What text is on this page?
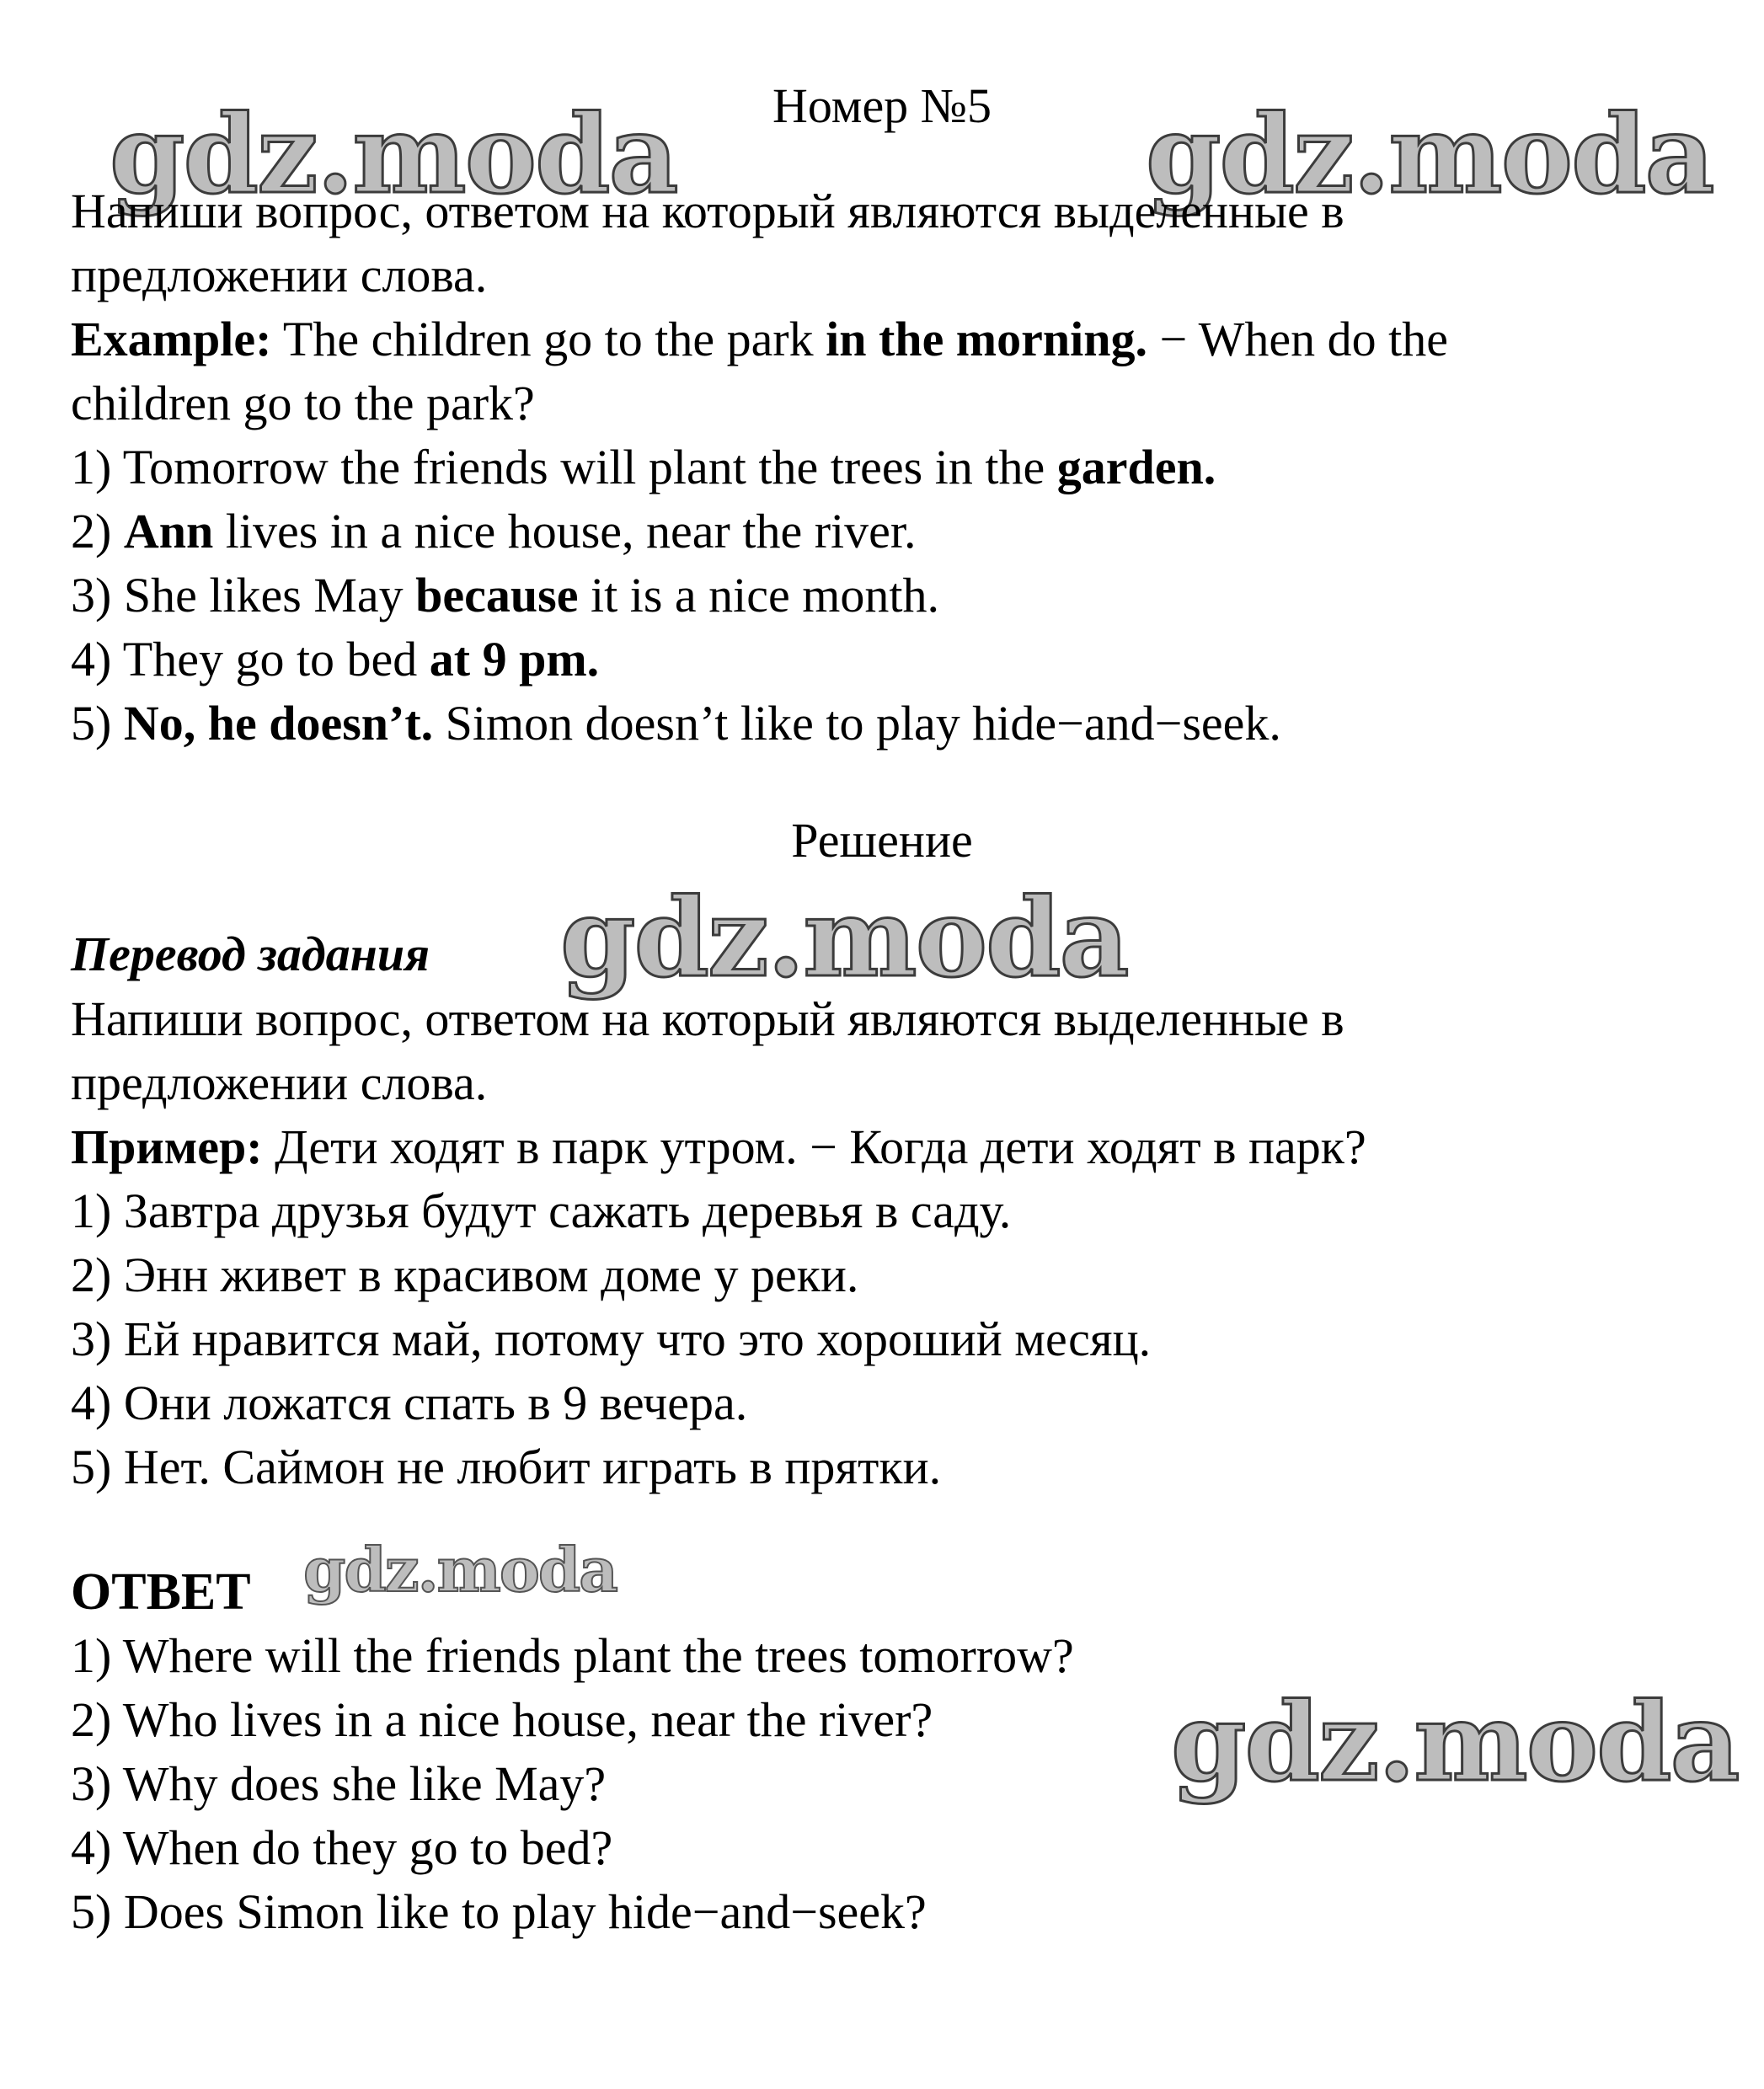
gdz.moda	gdz.moda
gdz.moda
gdz.moda
gdz.moda
Номер №5
Напиши вопрос, ответом на который являются выделенные в
предложении слова.
Example: The children go to the park in the morning. − When do the
children go to the park?
1) Tomorrow the friends will plant the trees in the garden.
2) Ann lives in a nice house, near the river.
3) She likes May because it is a nice month.
4) They go to bed at 9 pm.
5) No, he doesn’t. Simon doesn’t like to play hide−and−seek.
Решение
Перевод задания
Напиши вопрос, ответом на который являются выделенные в
предложении слова.
Пример: Дети ходят в парк утром. − Когда дети ходят в парк?
1) Завтра друзья будут сажать деревья в саду.
2) Энн живет в красивом доме у реки.
3) Ей нравится май, потому что это хороший месяц.
4) Они ложатся спать в 9 вечера.
5) Нет. Саймон не любит играть в прятки.
ОТВЕТ
1) Where will the friends plant the trees tomorrow?
2) Who lives in a nice house, near the river?
3) Why does she like May?
4) When do they go to bed?
5) Does Simon like to play hide−and−seek?
